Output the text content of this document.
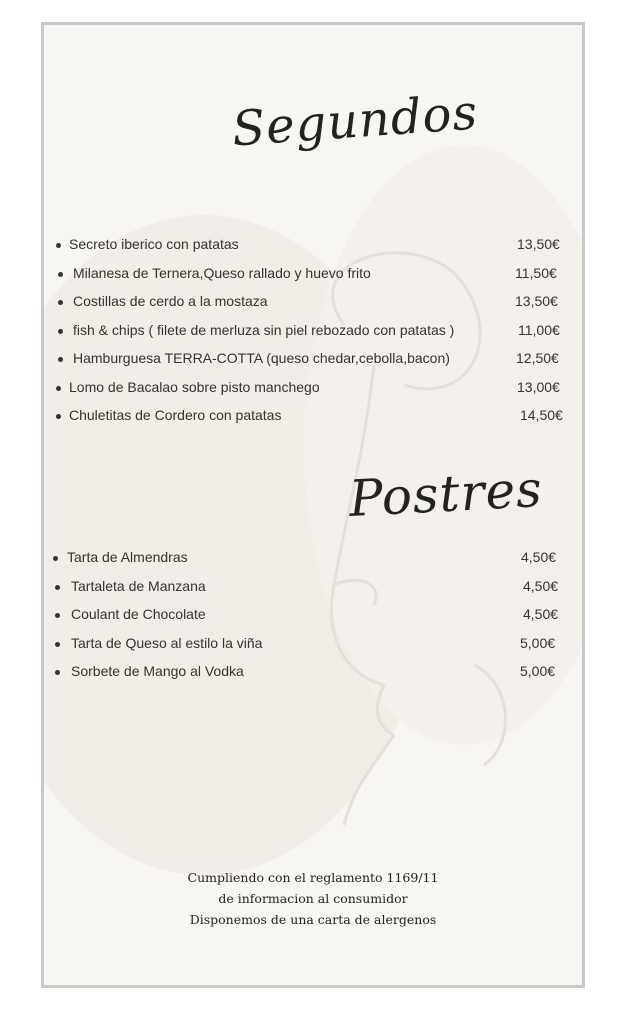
Segundos
Secreto iberico con patatas	13,50€
Milanesa de Ternera,Queso rallado y huevo frito	11,50€
Costillas de cerdo a la mostaza	13,50€
fish & chips ( filete de merluza sin piel rebozado con patatas )	11,00€
Hamburguesa TERRA-COTTA (queso chedar,cebolla,bacon)	12,50€
Lomo de Bacalao sobre pisto manchego	13,00€
Chuletitas de Cordero con patatas	14,50€
Postres
Tarta de Almendras	4,50€
Tartaleta de Manzana	4,50€
Coulant de Chocolate	4,50€
Tarta de Queso al estilo la viña	5,00€
Sorbete de Mango al Vodka	5,00€
Cumpliendo con el reglamento 1169/11
de informacion al consumidor
Disponemos de una carta de alergenos
